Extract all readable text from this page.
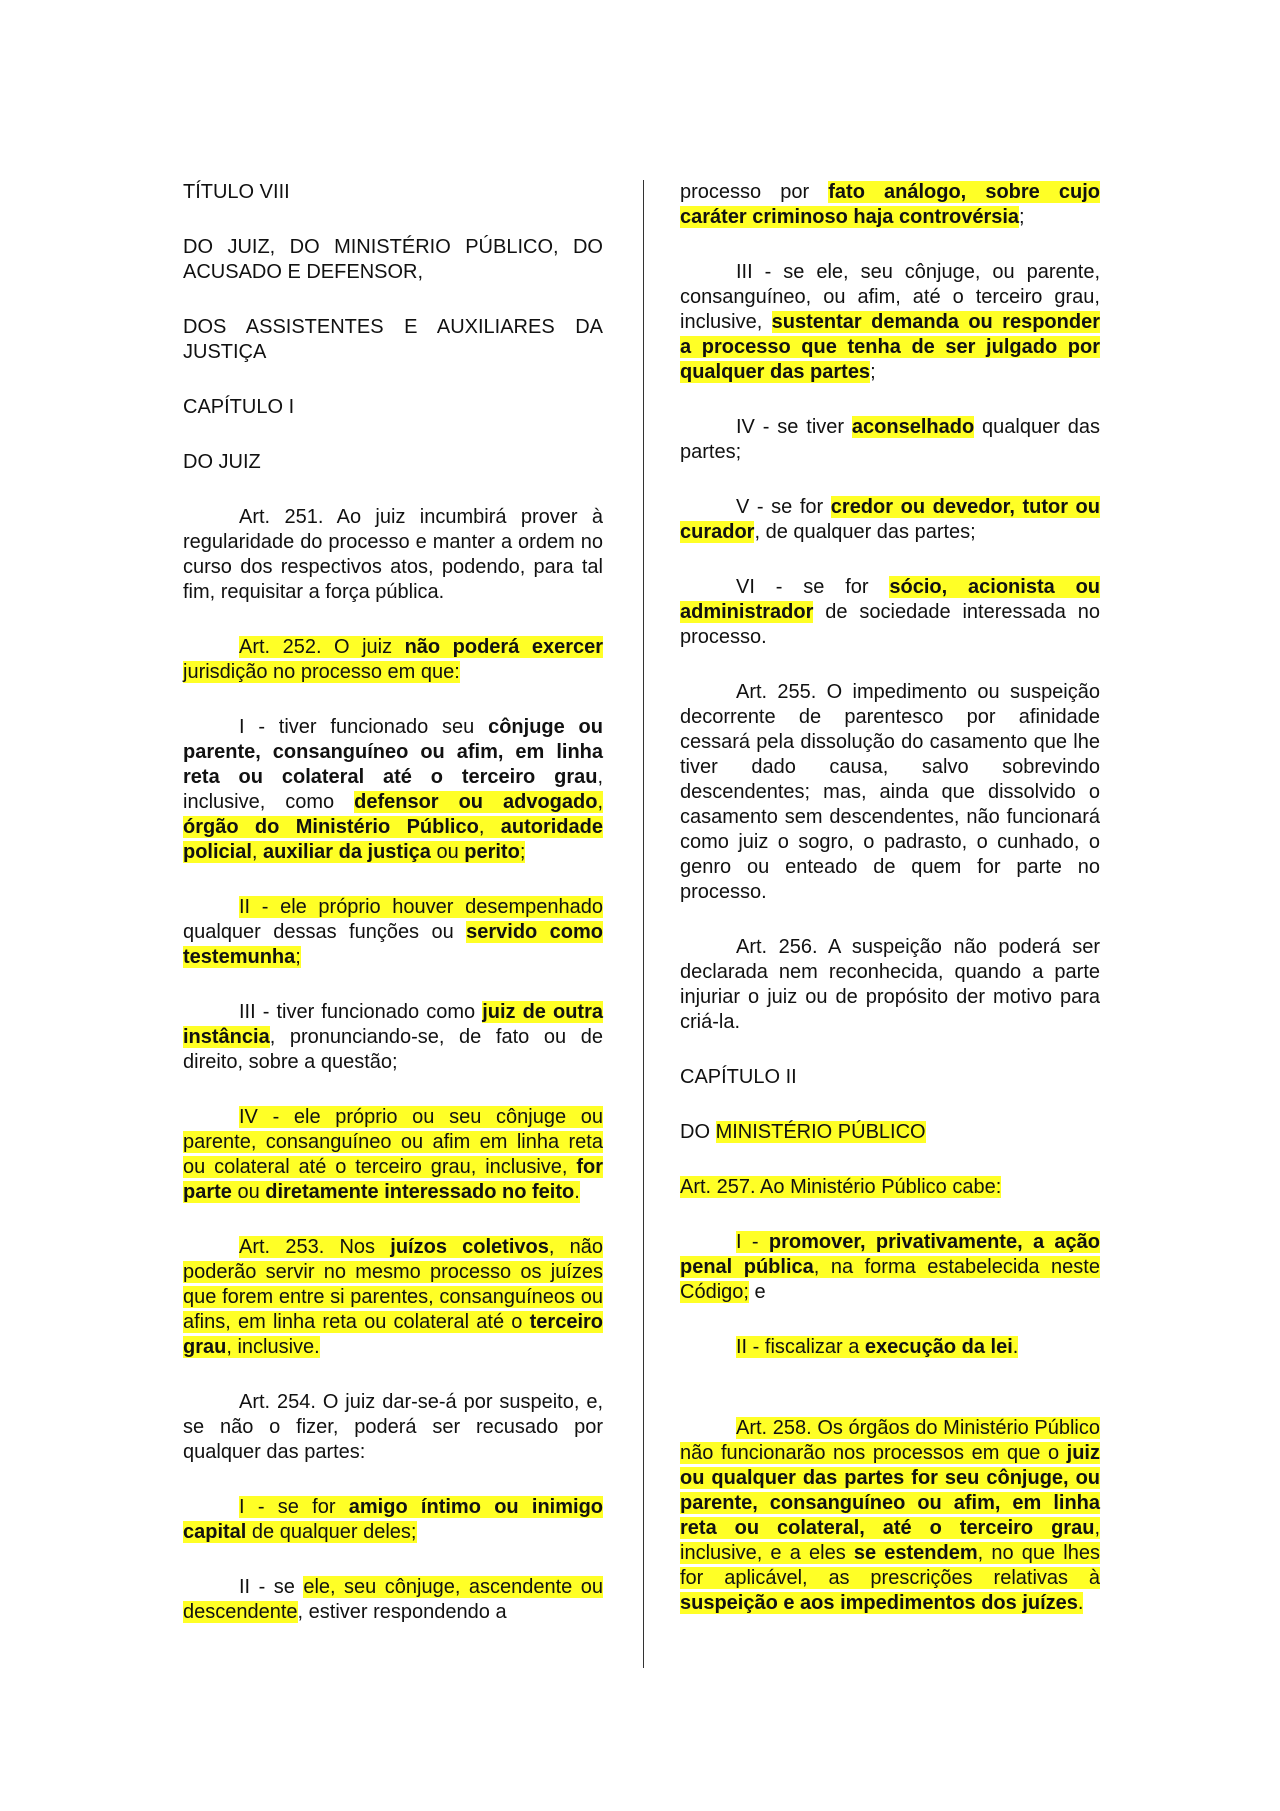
TÍTULO VIII

DO JUIZ, DO MINISTÉRIO PÚBLICO, DO ACUSADO E DEFENSOR,

DOS ASSISTENTES E AUXILIARES DA JUSTIÇA

CAPÍTULO I

DO JUIZ

Art. 251. Ao juiz incumbirá prover à regularidade do processo e manter a ordem no curso dos respectivos atos, podendo, para tal fim, requisitar a força pública.

Art. 252. O juiz não poderá exercer jurisdição no processo em que:

I - tiver funcionado seu cônjuge ou parente, consanguíneo ou afim, em linha reta ou colateral até o terceiro grau, inclusive, como defensor ou advogado, órgão do Ministério Público, autoridade policial, auxiliar da justiça ou perito;

II - ele próprio houver desempenhado qualquer dessas funções ou servido como testemunha;

III - tiver funcionado como juiz de outra instância, pronunciando-se, de fato ou de direito, sobre a questão;

IV - ele próprio ou seu cônjuge ou parente, consanguíneo ou afim em linha reta ou colateral até o terceiro grau, inclusive, for parte ou diretamente interessado no feito.

Art. 253. Nos juízos coletivos, não poderão servir no mesmo processo os juízes que forem entre si parentes, consanguíneos ou afins, em linha reta ou colateral até o terceiro grau, inclusive.

Art. 254. O juiz dar-se-á por suspeito, e, se não o fizer, poderá ser recusado por qualquer das partes:

I - se for amigo íntimo ou inimigo capital de qualquer deles;

II - se ele, seu cônjuge, ascendente ou descendente, estiver respondendo a

processo por fato análogo, sobre cujo caráter criminoso haja controvérsia;

III - se ele, seu cônjuge, ou parente, consanguíneo, ou afim, até o terceiro grau, inclusive, sustentar demanda ou responder a processo que tenha de ser julgado por qualquer das partes;

IV - se tiver aconselhado qualquer das partes;

V - se for credor ou devedor, tutor ou curador, de qualquer das partes;

VI - se for sócio, acionista ou administrador de sociedade interessada no processo.

Art. 255. O impedimento ou suspeição decorrente de parentesco por afinidade cessará pela dissolução do casamento que lhe tiver dado causa, salvo sobrevindo descendentes; mas, ainda que dissolvido o casamento sem descendentes, não funcionará como juiz o sogro, o padrasto, o cunhado, o genro ou enteado de quem for parte no processo.

Art. 256. A suspeição não poderá ser declarada nem reconhecida, quando a parte injuriar o juiz ou de propósito der motivo para criá-la.

CAPÍTULO II

DO MINISTÉRIO PÚBLICO

Art. 257. Ao Ministério Público cabe:

I - promover, privativamente, a ação penal pública, na forma estabelecida neste Código; e

II - fiscalizar a execução da lei.

Art. 258. Os órgãos do Ministério Público não funcionarão nos processos em que o juiz ou qualquer das partes for seu cônjuge, ou parente, consanguíneo ou afim, em linha reta ou colateral, até o terceiro grau, inclusive, e a eles se estendem, no que lhes for aplicável, as prescrições relativas à suspeição e aos impedimentos dos juízes.
